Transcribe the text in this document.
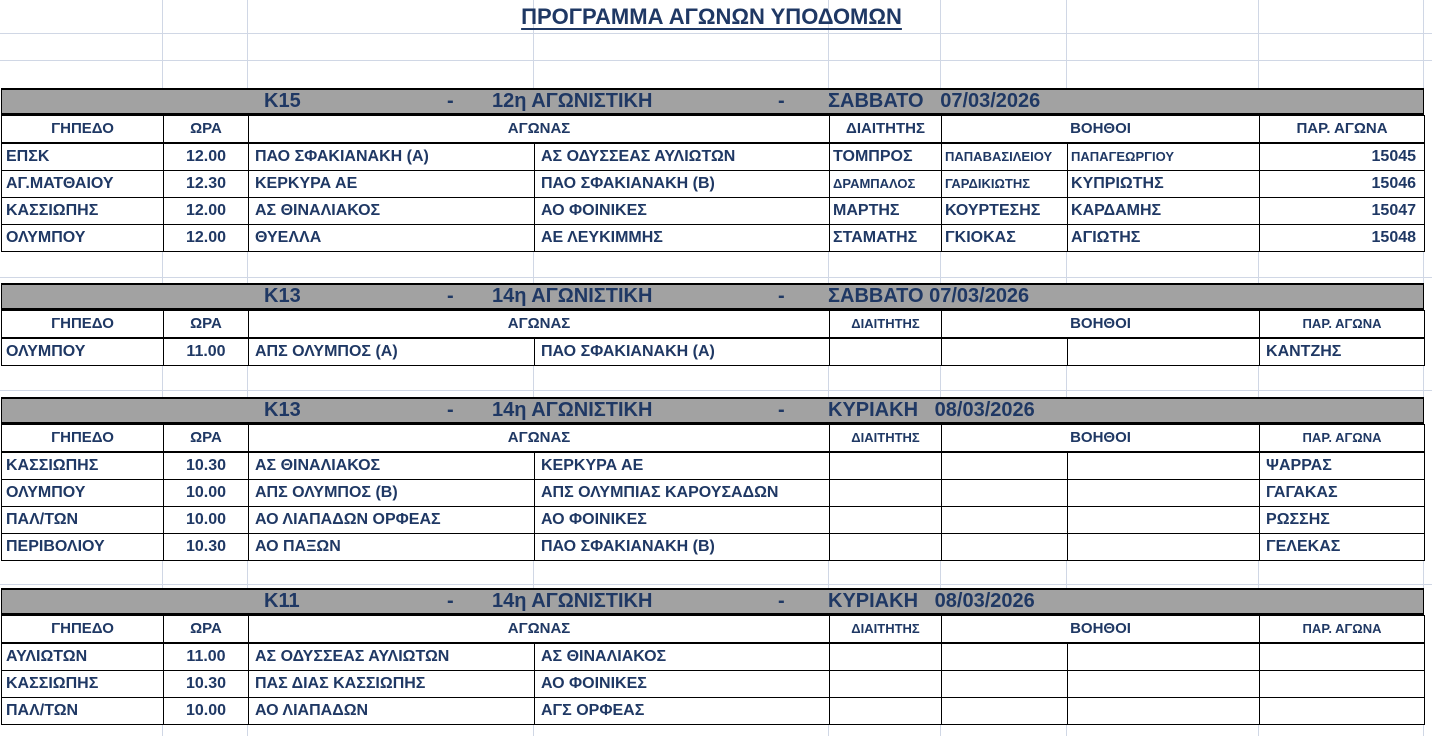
ΠΡΟΓΡΑΜΜΑ ΑΓΩΝΩΝ ΥΠΟΔΟΜΩΝ
K15	- 12η ΑΓΩΝΙΣΤΙΚΗ	- ΣΑΒΒΑΤΟ   07/03/2026
ΓΗΠΕΔΟ	ΩΡΑ	ΑΓΩΝΑΣ		ΔΙΑΙΤΗΤΗΣ	ΒΟΗΘΟΙ		ΠΑΡ. ΑΓΩΝΑ
ΕΠΣΚ	12.00	ΠΑΟ ΣΦΑΚΙΑΝΑΚΗ (Α)	ΑΣ ΟΔΥΣΣΕΑΣ ΑΥΛΙΩΤΩΝ	ΤΟΜΠΡΟΣ	ΠΑΠΑΒΑΣΙΛΕΙΟΥ	ΠΑΠΑΓΕΩΡΓΙΟΥ	15045
ΑΓ.ΜΑΤΘΑΙΟΥ	12.30	ΚΕΡΚΥΡΑ ΑΕ	ΠΑΟ ΣΦΑΚΙΑΝΑΚΗ (Β)	ΔΡΑΜΠΑΛΟΣ	ΓΑΡΔΙΚΙΩΤΗΣ	ΚΥΠΡΙΩΤΗΣ	15046
ΚΑΣΣΙΩΠΗΣ	12.00	ΑΣ ΘΙΝΑΛΙΑΚΟΣ	ΑΟ ΦΟΙΝΙΚΕΣ	ΜΑΡΤΗΣ	ΚΟΥΡΤΕΣΗΣ	ΚΑΡΔΑΜΗΣ	15047
ΟΛΥΜΠΟΥ	12.00	ΘΥΕΛΛΑ	ΑΕ ΛΕΥΚΙΜΜΗΣ	ΣΤΑΜΑΤΗΣ	ΓΚΙΟΚΑΣ	ΑΓΙΩΤΗΣ	15048
K13	- 14η ΑΓΩΝΙΣΤΙΚΗ	- ΣΑΒΒΑΤΟ 07/03/2026
ΓΗΠΕΔΟ	ΩΡΑ	ΑΓΩΝΑΣ		ΔΙΑΙΤΗΤΗΣ	ΒΟΗΘΟΙ		ΠΑΡ. ΑΓΩΝΑ
ΟΛΥΜΠΟΥ	11.00	ΑΠΣ ΟΛΥΜΠΟΣ (Α)	ΠΑΟ ΣΦΑΚΙΑΝΑΚΗ (Α)				ΚΑΝΤΖΗΣ
K13	- 14η ΑΓΩΝΙΣΤΙΚΗ	- ΚΥΡΙΑΚΗ   08/03/2026
ΓΗΠΕΔΟ	ΩΡΑ	ΑΓΩΝΑΣ		ΔΙΑΙΤΗΤΗΣ	ΒΟΗΘΟΙ		ΠΑΡ. ΑΓΩΝΑ
ΚΑΣΣΙΩΠΗΣ	10.30	ΑΣ ΘΙΝΑΛΙΑΚΟΣ	ΚΕΡΚΥΡΑ ΑΕ				ΨΑΡΡΑΣ
ΟΛΥΜΠΟΥ	10.00	ΑΠΣ ΟΛΥΜΠΟΣ (Β)	ΑΠΣ ΟΛΥΜΠΙΑΣ ΚΑΡΟΥΣΑΔΩΝ				ΓΑΓΑΚΑΣ
ΠΑΛ/ΤΩΝ	10.00	ΑΟ ΛΙΑΠΑΔΩΝ ΟΡΦΕΑΣ	ΑΟ ΦΟΙΝΙΚΕΣ				ΡΩΣΣΗΣ
ΠΕΡΙΒΟΛΙΟΥ	10.30	ΑΟ ΠΑΞΩΝ	ΠΑΟ ΣΦΑΚΙΑΝΑΚΗ (Β)				ΓΕΛΕΚΑΣ
K11	- 14η ΑΓΩΝΙΣΤΙΚΗ	- ΚΥΡΙΑΚΗ   08/03/2026
ΓΗΠΕΔΟ	ΩΡΑ	ΑΓΩΝΑΣ		ΔΙΑΙΤΗΤΗΣ	ΒΟΗΘΟΙ		ΠΑΡ. ΑΓΩΝΑ
ΑΥΛΙΩΤΩΝ	11.00	ΑΣ ΟΔΥΣΣΕΑΣ ΑΥΛΙΩΤΩΝ	ΑΣ ΘΙΝΑΛΙΑΚΟΣ				
ΚΑΣΣΙΩΠΗΣ	10.30	ΠΑΣ ΔΙΑΣ ΚΑΣΣΙΩΠΗΣ	ΑΟ ΦΟΙΝΙΚΕΣ				
ΠΑΛ/ΤΩΝ	10.00	ΑΟ ΛΙΑΠΑΔΩΝ	ΑΓΣ ΟΡΦΕΑΣ				
